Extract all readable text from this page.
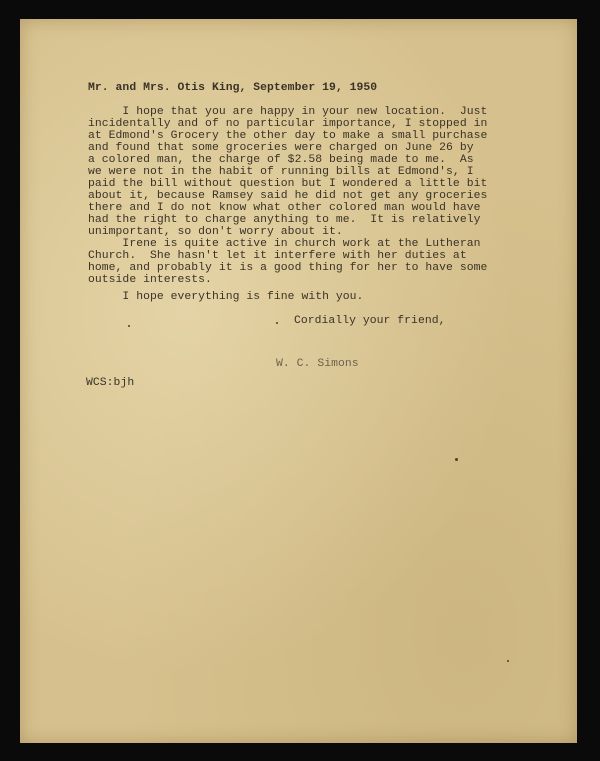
Mr. and Mrs. Otis King, September 19, 1950
I hope that you are happy in your new location.  Just
incidentally and of no particular importance, I stopped in
at Edmond's Grocery the other day to make a small purchase
and found that some groceries were charged on June 26 by
a colored man, the charge of $2.58 being made to me.  As
we were not in the habit of running bills at Edmond's, I
paid the bill without question but I wondered a little bit
about it, because Ramsey said he did not get any groceries
there and I do not know what other colored man would have
had the right to charge anything to me.  It is relatively
unimportant, so don't worry about it.
Irene is quite active in church work at the Lutheran
Church.  She hasn't let it interfere with her duties at
home, and probably it is a good thing for her to have some
outside interests.
I hope everything is fine with you.
Cordially your friend,
W. C. Simons
WCS:bjh
